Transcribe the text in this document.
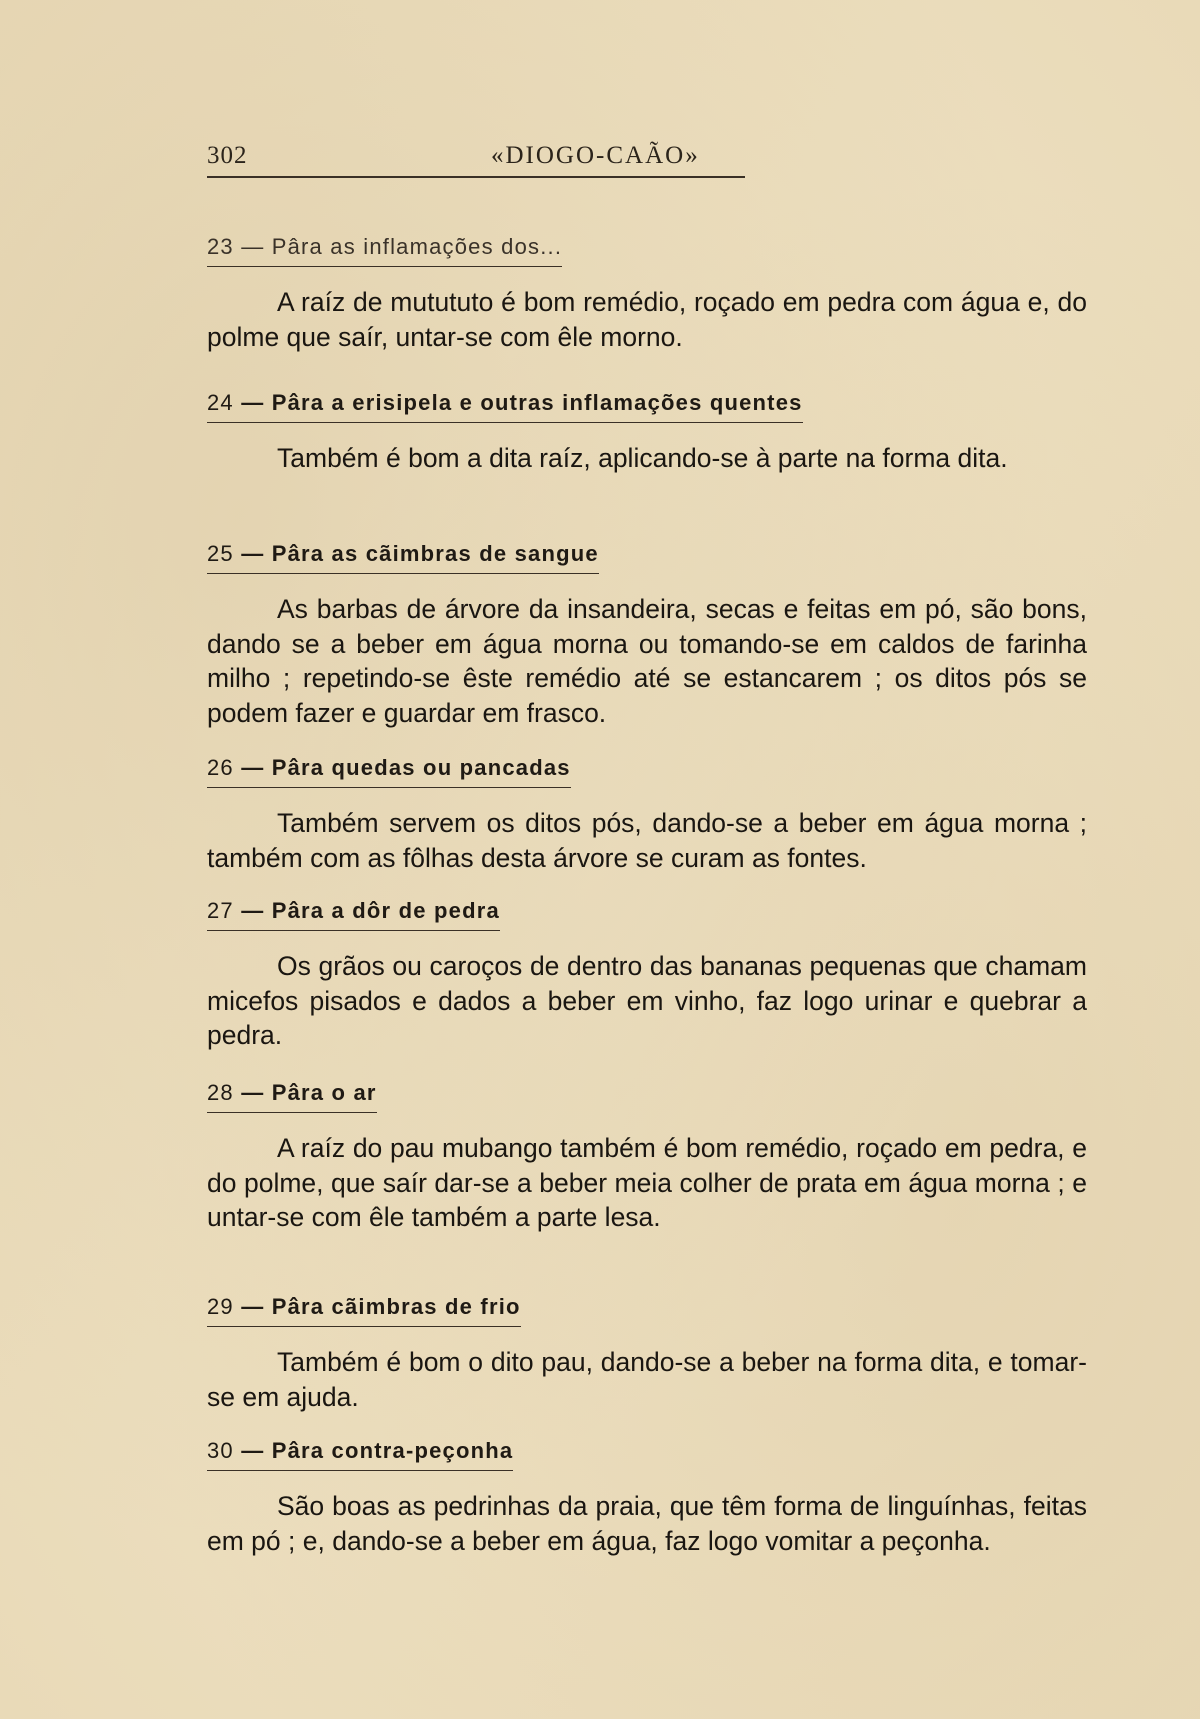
302	«DIOGO-CAÃO»
23 — Pâra as inflamações dos...
A raíz de mutututo é bom remédio, roçado em pedra com água e, do polme que saír, untar-se com êle morno.
24 — Pâra a erisipela e outras inflamações quentes
Também é bom a dita raíz, aplicando-se à parte na forma dita.
25 — Pâra as cãimbras de sangue
As barbas de árvore da insandeira, secas e feitas em pó, são bons, dando se a beber em água morna ou tomando-se em caldos de farinha milho ; repetindo-se êste remédio até se estancarem ; os ditos pós se podem fazer e guardar em frasco.
26 — Pâra quedas ou pancadas
Também servem os ditos pós, dando-se a beber em água morna ; também com as fôlhas desta árvore se curam as fontes.
27 — Pâra a dôr de pedra
Os grãos ou caroços de dentro das bananas pequenas que chamam micefos pisados e dados a beber em vinho, faz logo urinar e quebrar a pedra.
28 — Pâra o ar
A raíz do pau mubango também é bom remédio, roçado em pedra, e do polme, que saír dar-se a beber meia colher de prata em água morna ; e untar-se com êle também a parte lesa.
29 — Pâra cãimbras de frio
Também é bom o dito pau, dando-se a beber na forma dita, e tomar-se em ajuda.
30 — Pâra contra-peçonha
São boas as pedrinhas da praia, que têm forma de linguínhas, feitas em pó ; e, dando-se a beber em água, faz logo vomitar a peçonha.
